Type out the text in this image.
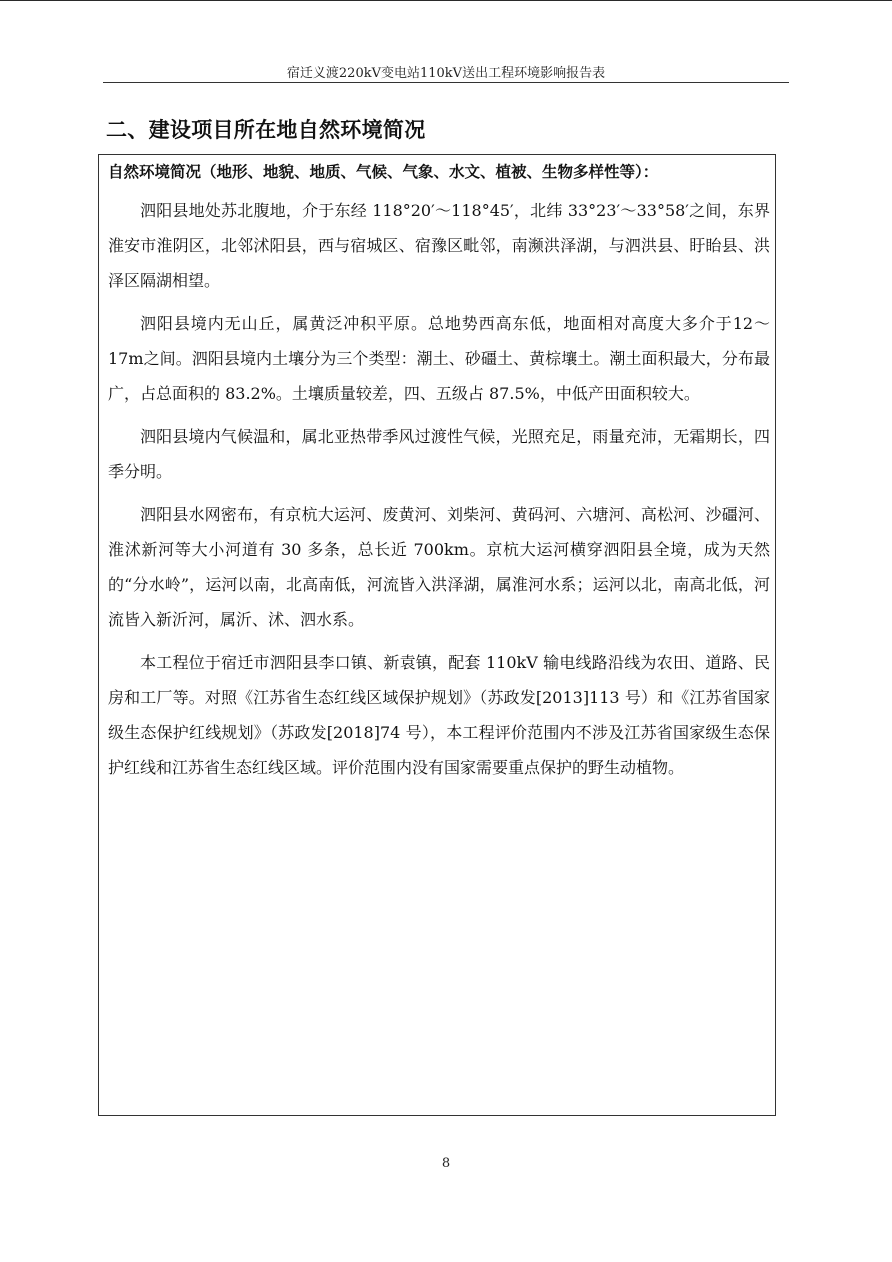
宿迁义渡220kV变电站110kV送出工程环境影响报告表
二、建设项目所在地自然环境简况
自然环境简况（地形、地貌、地质、气候、气象、水文、植被、生物多样性等）：

泗阳县地处苏北腹地，介于东经 118°20′～118°45′，北纬 33°23′～33°58′之间，东界淮安市淮阴区，北邻沭阳县，西与宿城区、宿豫区毗邻，南濒洪泽湖，与泗洪县、盱眙县、洪泽区隔湖相望。

泗阳县境内无山丘，属黄泛冲积平原。总地势西高东低，地面相对高度大多介于12～17m之间。泗阳县境内土壤分为三个类型：潮土、砂礓土、黄棕壤土。潮土面积最大，分布最广，占总面积的 83.2%。土壤质量较差，四、五级占 87.5%，中低产田面积较大。

泗阳县境内气候温和，属北亚热带季风过渡性气候，光照充足，雨量充沛，无霜期长，四季分明。

泗阳县水网密布，有京杭大运河、废黄河、刘柴河、黄码河、六塘河、高松河、沙礓河、淮沭新河等大小河道有 30 多条，总长近 700km。京杭大运河横穿泗阳县全境，成为天然的“分水岭”，运河以南，北高南低，河流皆入洪泽湖，属淮河水系；运河以北，南高北低，河流皆入新沂河，属沂、沭、泗水系。

本工程位于宿迁市泗阳县李口镇、新袁镇，配套 110kV 输电线路沿线为农田、道路、民房和工厂等。对照《江苏省生态红线区域保护规划》（苏政发[2013]113 号）和《江苏省国家级生态保护红线规划》（苏政发[2018]74 号），本工程评价范围内不涉及江苏省国家级生态保护红线和江苏省生态红线区域。评价范围内没有国家需要重点保护的野生动植物。

8
